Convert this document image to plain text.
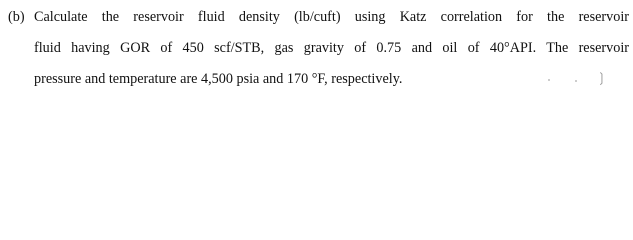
(b) Calculate the reservoir fluid density (lb/cuft) using Katz correlation for the reservoir
fluid having GOR of 450 scf/STB, gas gravity of 0.75 and oil of 40°API. The reservoir
pressure and temperature are 4,500 psia and 170 °F, respectively.	❳
